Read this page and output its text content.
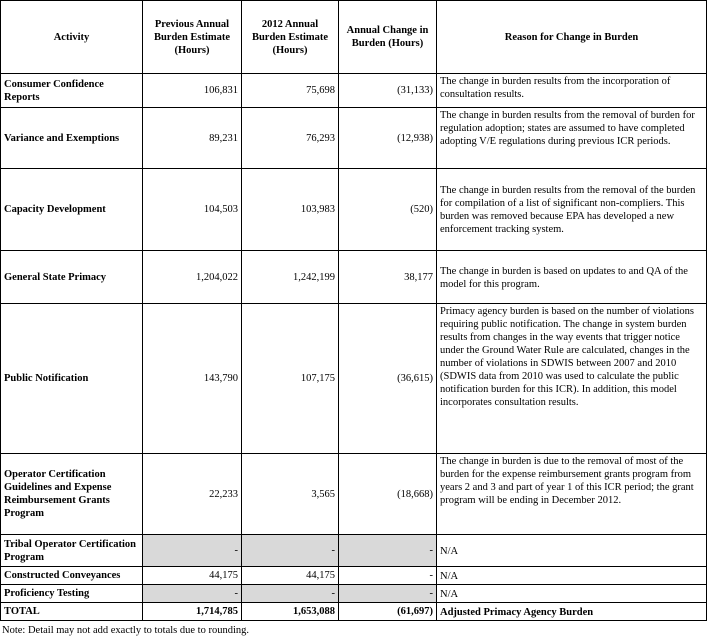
Activity	Previous Annual Burden Estimate (Hours)	2012 Annual Burden Estimate (Hours)	Annual Change in Burden (Hours)	Reason for Change in Burden
Consumer Confidence Reports	106,831	75,698	(31,133)	The change in burden results from the incorporation of consultation results.
Variance and Exemptions	89,231	76,293	(12,938)	The change in burden results from the removal of burden for regulation adoption; states are assumed to have completed adopting V/E regulations during previous ICR periods.
Capacity Development	104,503	103,983	(520)	The change in burden results from the removal of the burden for compilation of a list of significant non-compliers. This burden was removed because EPA has developed a new enforcement tracking system.
General State Primacy	1,204,022	1,242,199	38,177	The change in burden is based on updates to and QA of the model for this program.
Public Notification	143,790	107,175	(36,615)	Primacy agency burden is based on the number of violations requiring public notification. The change in system burden results from changes in the way events that trigger notice under the Ground Water Rule are calculated, changes in the number of violations in SDWIS between 2007 and 2010 (SDWIS data from 2010 was used to calculate the public notification burden for this ICR). In addition, this model incorporates consultation results.
Operator Certification Guidelines and Expense Reimbursement Grants Program	22,233	3,565	(18,668)	The change in burden is due to the removal of most of the burden for the expense reimbursement grants program from years 2 and 3 and part of year 1 of this ICR period; the grant program will be ending in December 2012.
Tribal Operator Certification Program	-	-	-	N/A
Constructed Conveyances	44,175	44,175	-	N/A
Proficiency Testing	-	-	-	N/A
TOTAL	1,714,785	1,653,088	(61,697)	Adjusted Primacy Agency Burden
Note: Detail may not add exactly to totals due to rounding.
